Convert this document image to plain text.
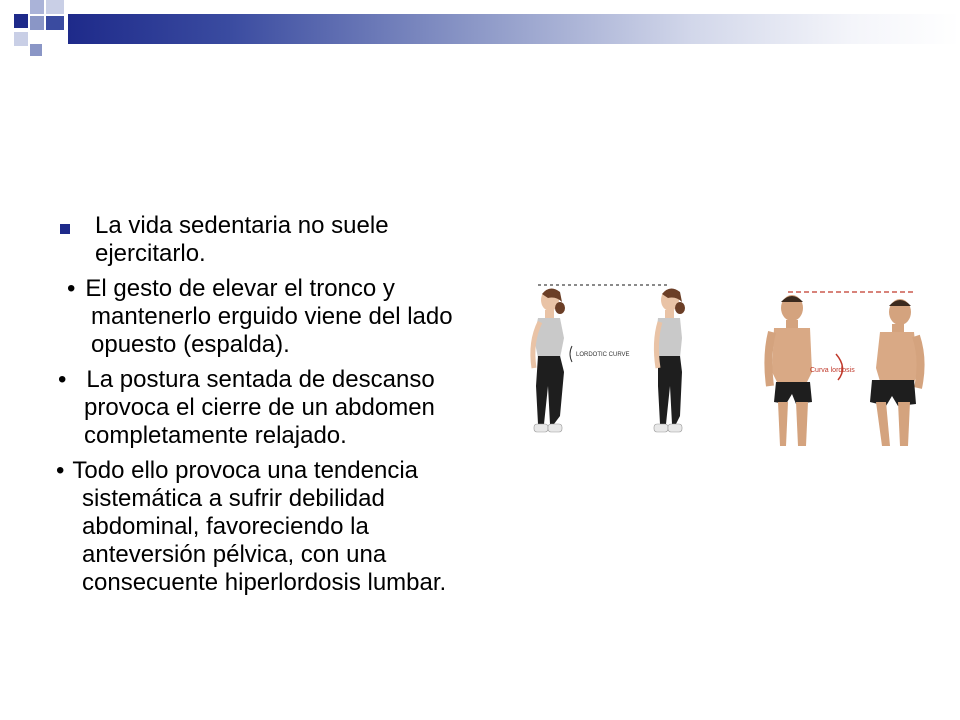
La vida sedentaria no suele ejercitarlo.
• El gesto de elevar el tronco y mantenerlo erguido viene del lado opuesto (espalda).
• La postura sentada de descanso provoca el cierre de un abdomen completamente relajado.
• Todo ello provoca una tendencia sistemática a sufrir debilidad abdominal, favoreciendo la anteversión pélvica, con una consecuente hiperlordosis lumbar.
LORDOTIC CURVE
Curva lordosis
